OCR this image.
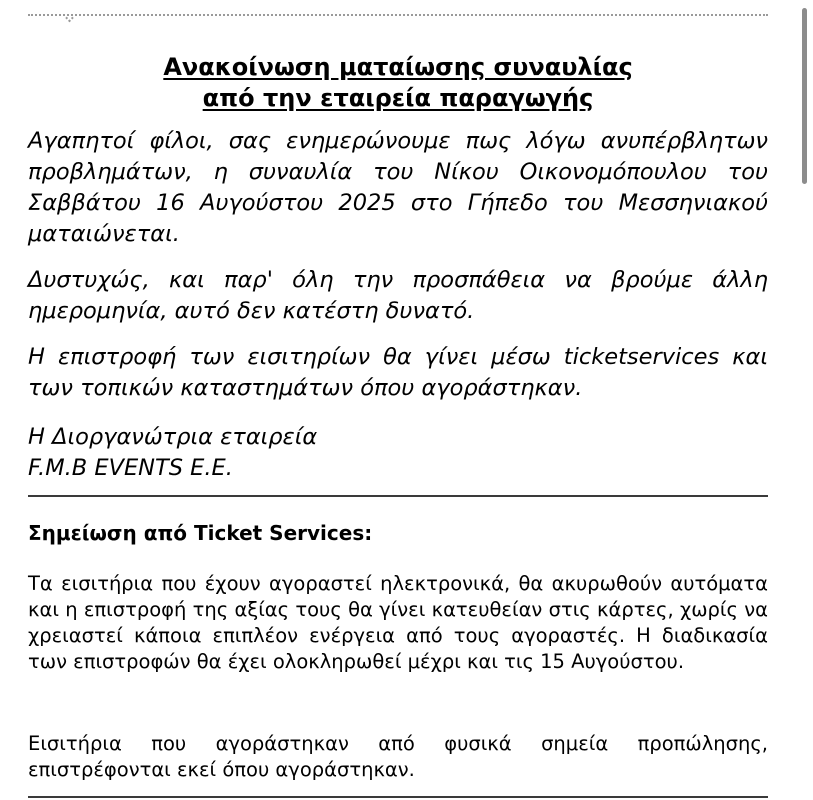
Ανακοίνωση ματαίωσης συναυλίας
από την εταιρεία παραγωγής

Αγαπητοί φίλοι, σας ενημερώνουμε πως λόγω ανυπέρβλητων προβλημάτων, η συναυλία του Νίκου Οικονομόπουλου του Σαββάτου 16 Αυγούστου 2025 στο Γήπεδο του Μεσσηνιακού ματαιώνεται.

Δυστυχώς, και παρ' όλη την προσπάθεια να βρούμε άλλη ημερομηνία, αυτό δεν κατέστη δυνατό.

Η επιστροφή των εισιτηρίων θα γίνει μέσω ticketservices και των τοπικών καταστημάτων όπου αγοράστηκαν.

Η Διοργανώτρια εταιρεία
F.M.B EVENTS E.E.

Σημείωση από Ticket Services:

Τα εισιτήρια που έχουν αγοραστεί ηλεκτρονικά, θα ακυρωθούν αυτόματα και η επιστροφή της αξίας τους θα γίνει κατευθείαν στις κάρτες, χωρίς να χρειαστεί κάποια επιπλέον ενέργεια από τους αγοραστές. Η διαδικασία των επιστροφών θα έχει ολοκληρωθεί μέχρι και τις 15 Αυγούστου.

Εισιτήρια που αγοράστηκαν από φυσικά σημεία προπώλησης, επιστρέφονται εκεί όπου αγοράστηκαν.
